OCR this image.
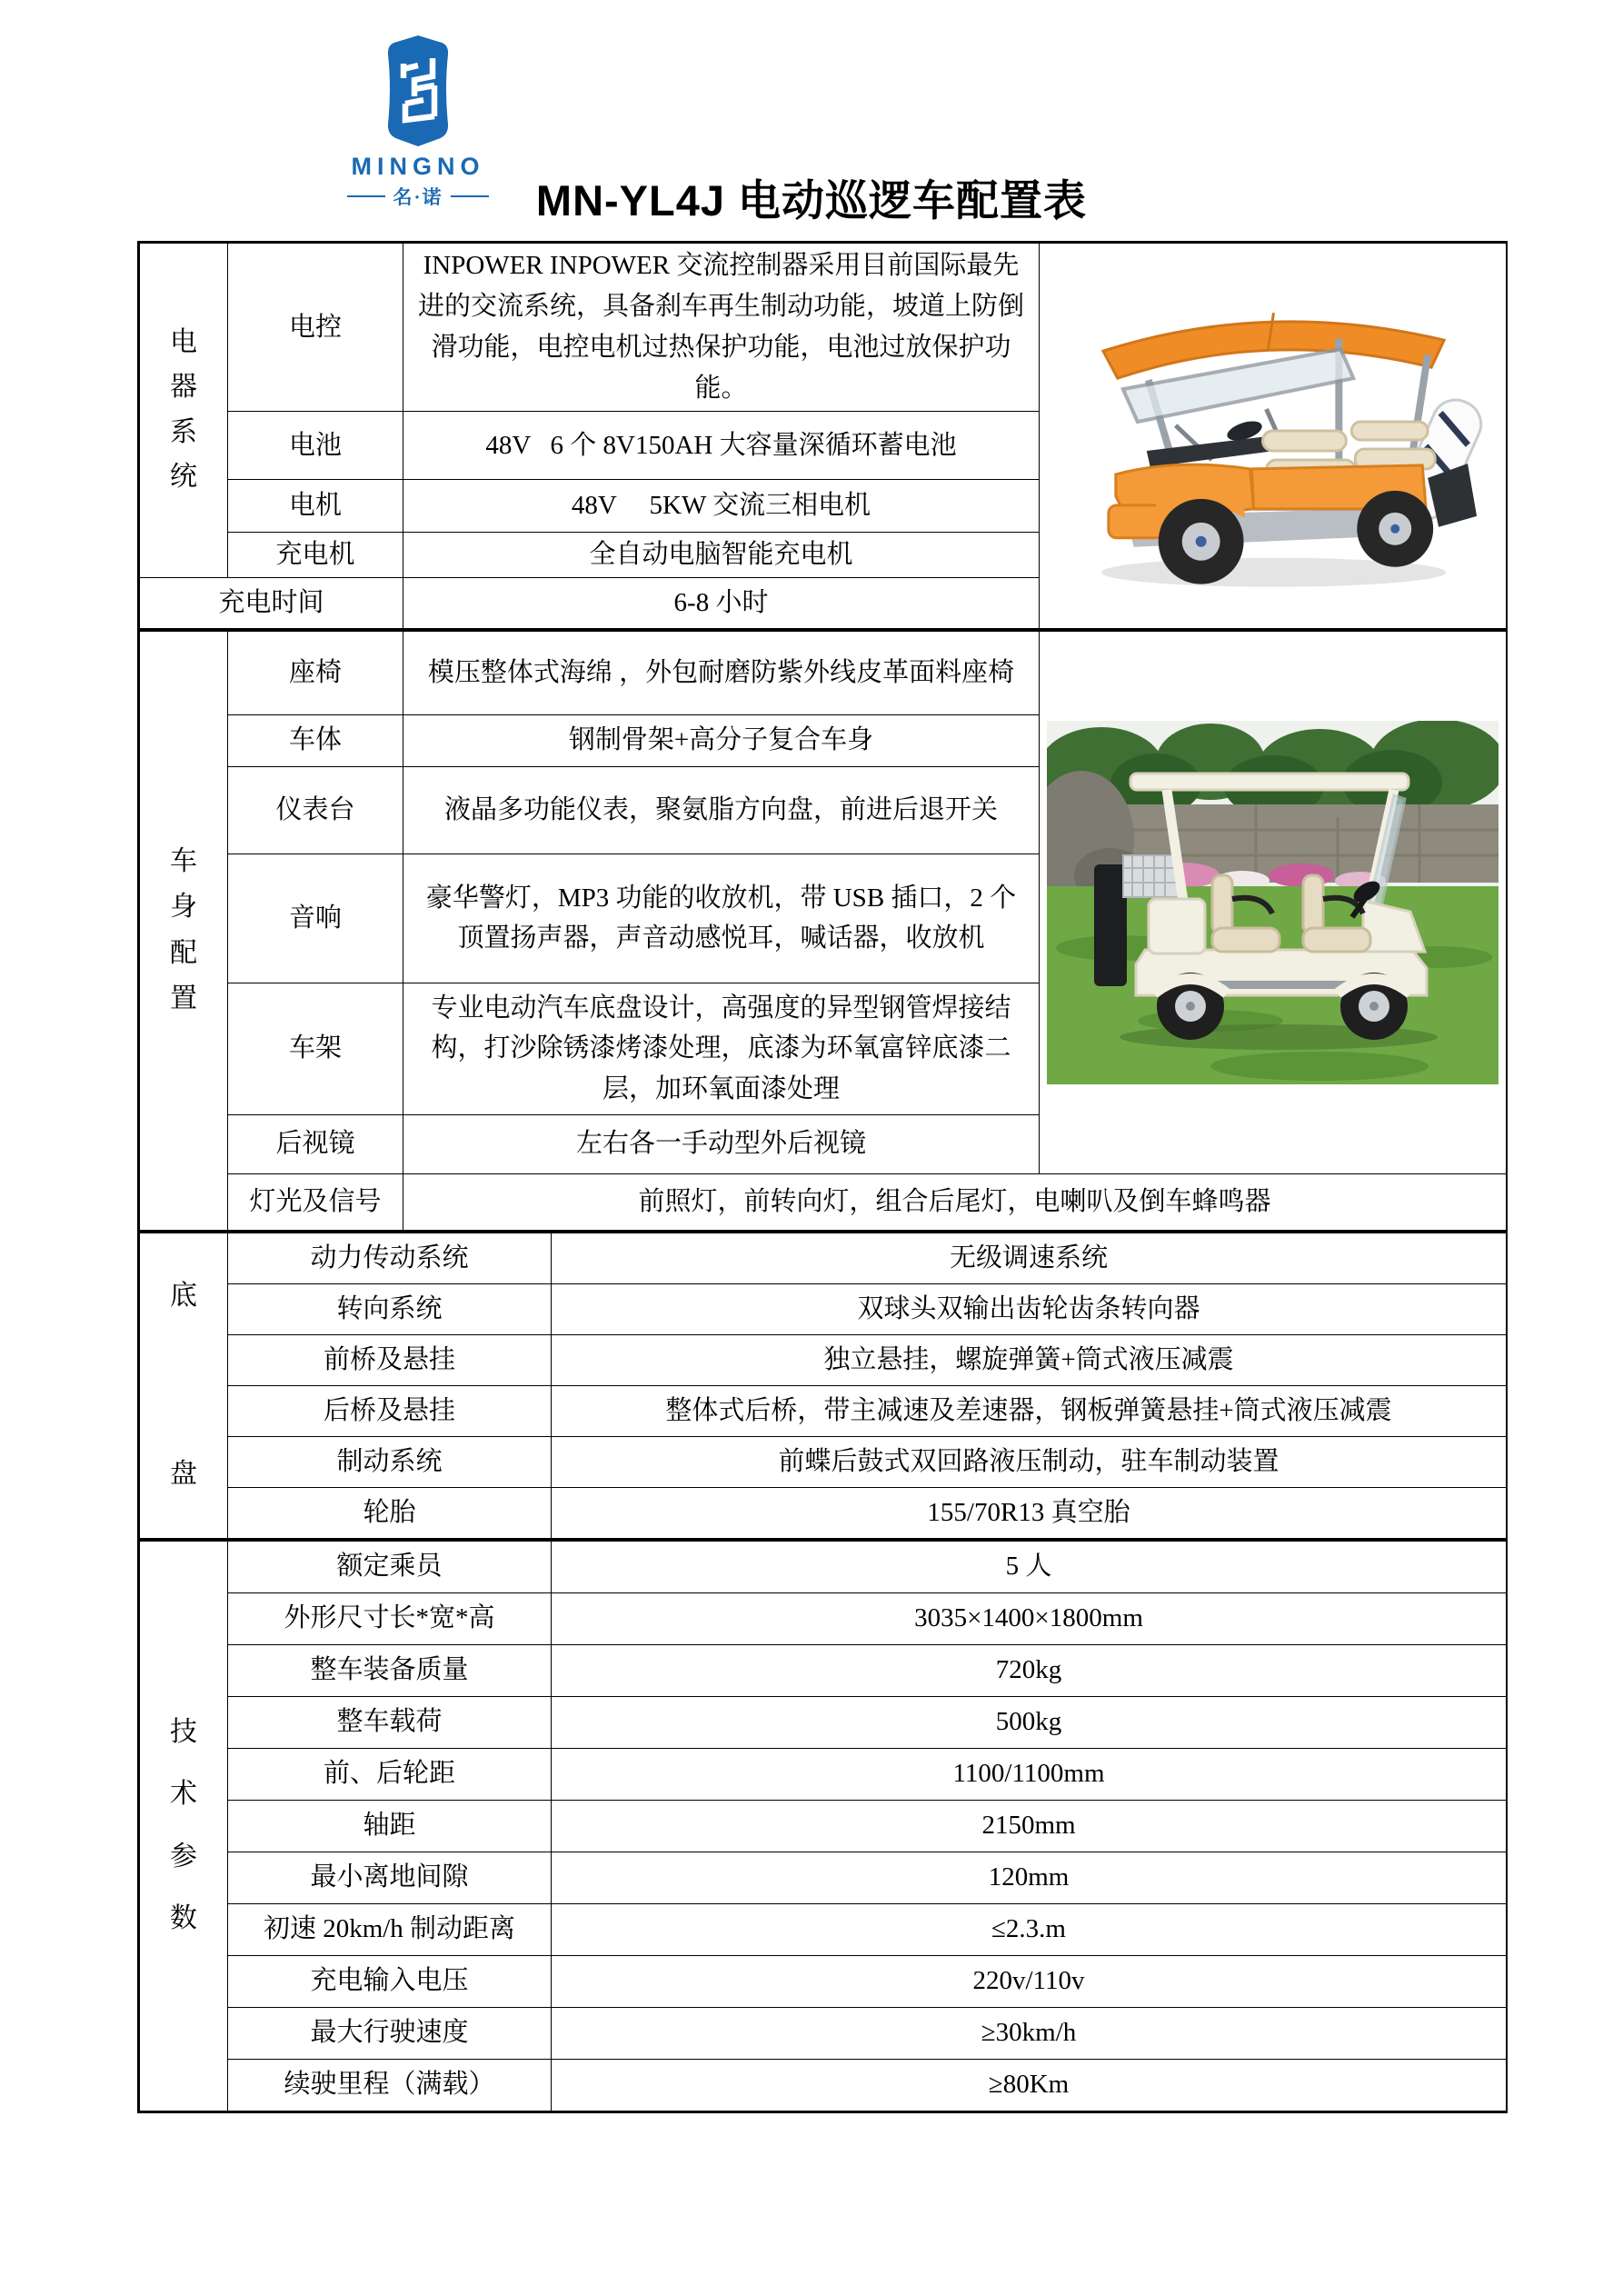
MINGNO
名·诺	MN-YL4J 电动巡逻车配置表
电
器
系
统	电控	INPOWER INPOWER 交流控制器采用目前国际最先进的交流系统，具备刹车再生制动功能，坡道上防倒滑功能，电控电机过热保护功能，电池过放保护功能。	

	电池	48V   6 个 8V150AH 大容量深循环蓄电池	
	电机	48V     5KW 交流三相电机	
	充电机	全自动电脑智能充电机	
充电时间		6-8 小时	
车
身
配
置	座椅	模压整体式海绵 ，外包耐磨防紫外线皮革面料座椅	

	车体	钢制骨架+高分子复合车身	
	仪表台	液晶多功能仪表，聚氨脂方向盘，前进后退开关	
	音响	豪华警灯，MP3 功能的收放机，带 USB 插口，2 个顶置扬声器，声音动感悦耳，喊话器，收放机	
	车架	专业电动汽车底盘设计，高强度的异型钢管焊接结构，打沙除锈漆烤漆处理，底漆为环氧富锌底漆二层，加环氧面漆处理	
	后视镜	左右各一手动型外后视镜	
	灯光及信号	前照灯，前转向灯，组合后尾灯，电喇叭及倒车蜂鸣器	
底
盘	动力传动系统	无级调速系统
	转向系统	双球头双输出齿轮齿条转向器
	前桥及悬挂	独立悬挂，螺旋弹簧+筒式液压减震
	后桥及悬挂	整体式后桥，带主减速及差速器，钢板弹簧悬挂+筒式液压减震
	制动系统	前蝶后鼓式双回路液压制动，驻车制动装置
	轮胎	155/70R13 真空胎
技
术
参
数	额定乘员	5 人
	外形尺寸长*宽*高	3035×1400×1800mm
	整车装备质量	720kg
	整车载荷	500kg
	前、后轮距	1100/1100mm
	轴距	2150mm
	最小离地间隙	120mm
	初速 20km/h 制动距离	≤2.3.m
	充电输入电压	220v/110v
	最大行驶速度	≥30km/h
	续驶里程（满载）	≥80Km
